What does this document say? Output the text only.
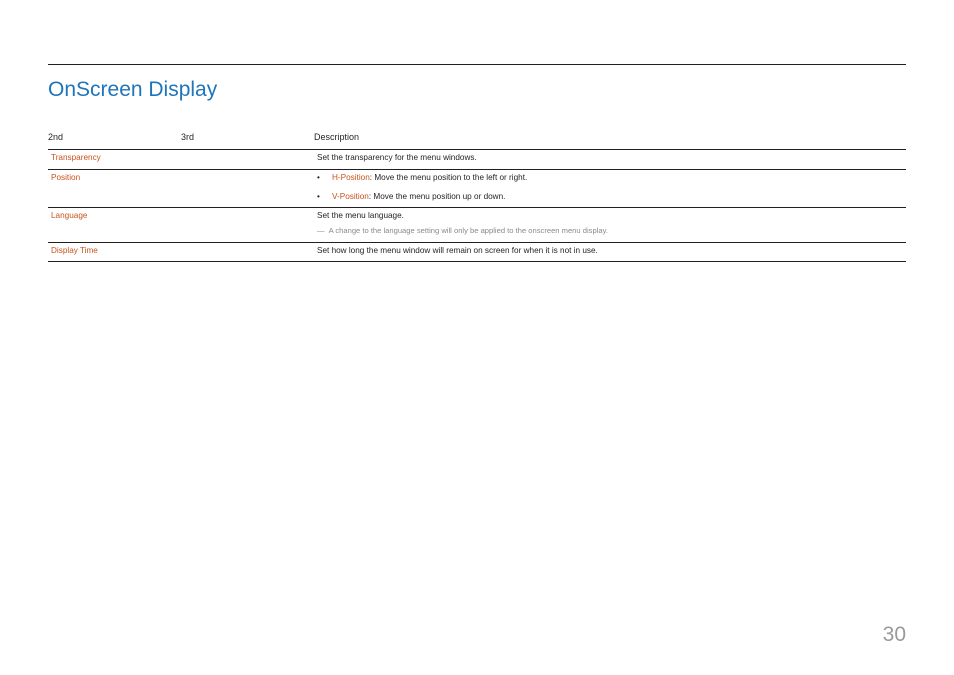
OnScreen Display
2nd	3rd	Description
Transparency	Set the transparency for the menu windows.
Position	• H-Position: Move the menu position to the left or right.
• V-Position: Move the menu position up or down.
Language	Set the menu language.
― A change to the language setting will only be applied to the onscreen menu display.
Display Time	Set how long the menu window will remain on screen for when it is not in use.
30
